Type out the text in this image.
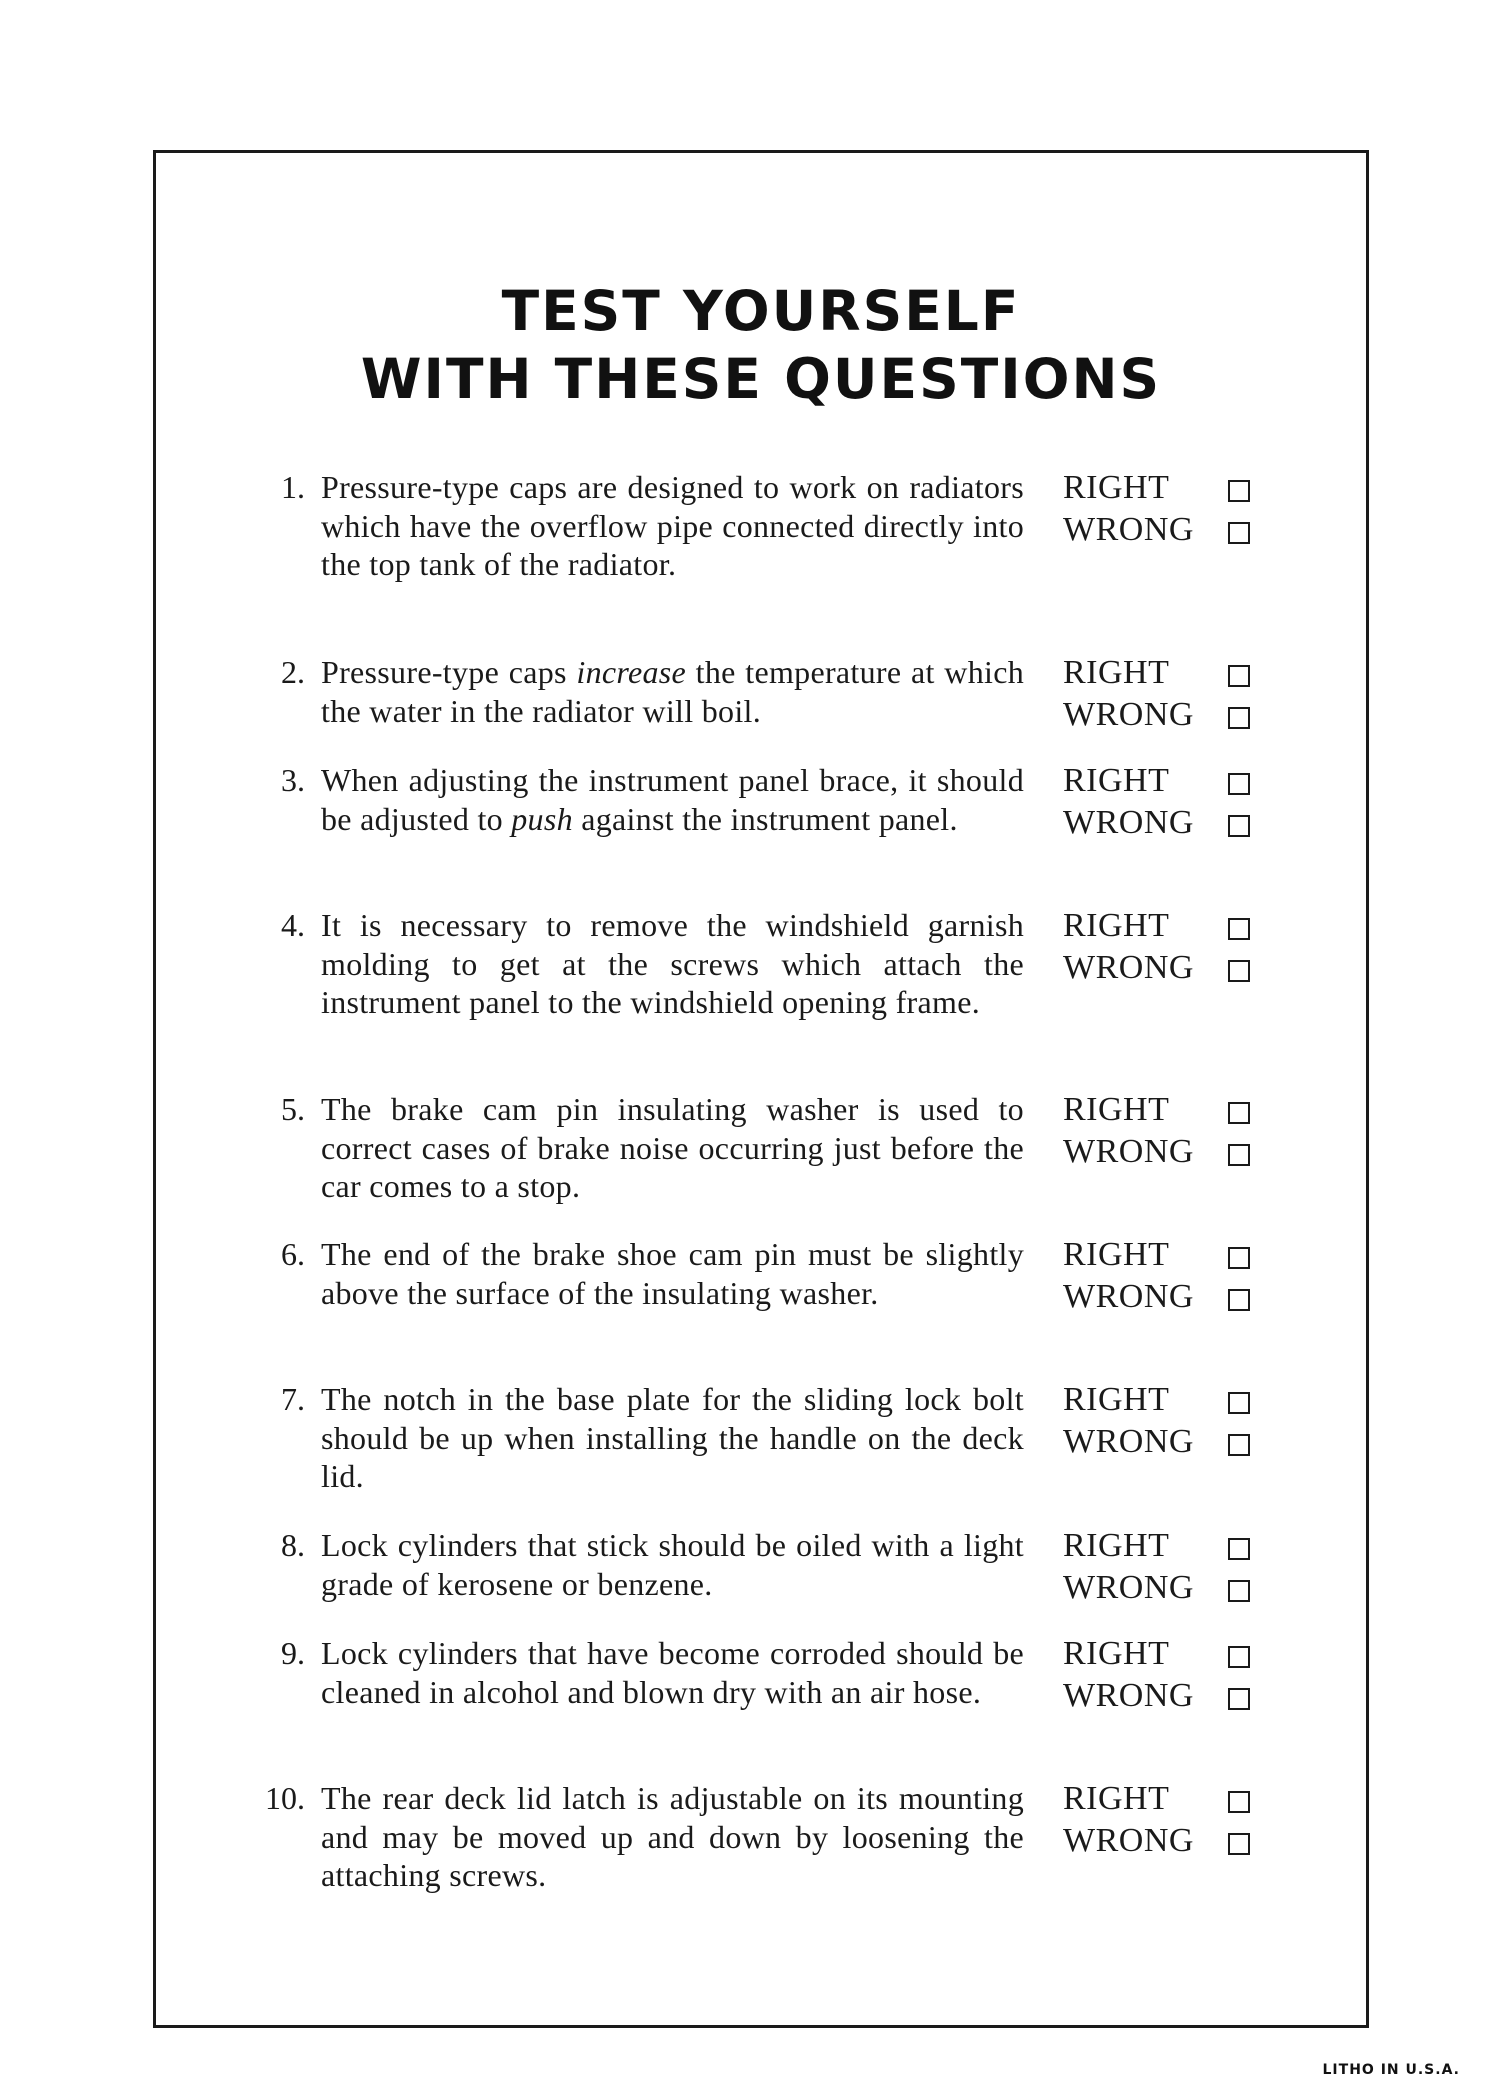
TEST YOURSELF
WITH THESE QUESTIONS
1. Pressure-type caps are designed to work on radiators which have the overflow pipe connected directly into the top tank of the radiator.
RIGHT
WRONG
2. Pressure-type caps increase the temperature at which the water in the radiator will boil.
RIGHT
WRONG
3. When adjusting the instrument panel brace, it should be adjusted to push against the instrument panel.
RIGHT
WRONG
4. It is necessary to remove the windshield garnish molding to get at the screws which attach the instrument panel to the windshield opening frame.
RIGHT
WRONG
5. The brake cam pin insulating washer is used to correct cases of brake noise occurring just before the car comes to a stop.
RIGHT
WRONG
6. The end of the brake shoe cam pin must be slightly above the surface of the insulating washer.
RIGHT
WRONG
7. The notch in the base plate for the sliding lock bolt should be up when installing the handle on the deck lid.
RIGHT
WRONG
8. Lock cylinders that stick should be oiled with a light grade of kerosene or benzene.
RIGHT
WRONG
9. Lock cylinders that have become corroded should be cleaned in alcohol and blown dry with an air hose.
RIGHT
WRONG
10. The rear deck lid latch is adjustable on its mounting and may be moved up and down by loosening the attaching screws.
RIGHT
WRONG
LITHO IN U.S.A.
